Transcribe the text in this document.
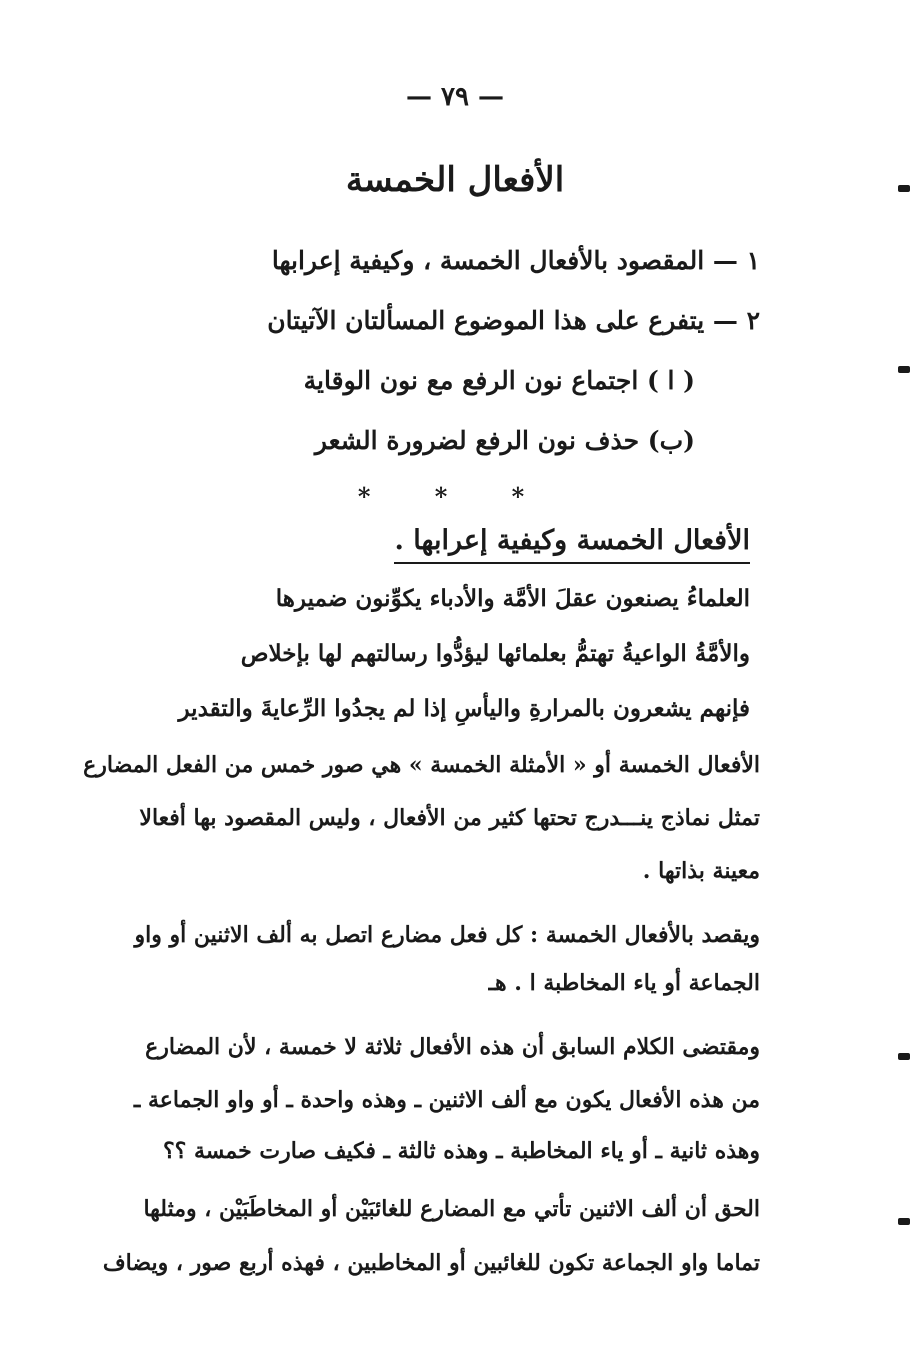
— ٧٩ —
الأفعال الخمسة
١ — المقصود بالأفعال الخمسة ، وكيفية إعرابها
٢ — يتفرع على هذا الموضوع المسألتان الآتيتان
( ا ) اجتماع نون الرفع مع نون الوقاية
(ب) حذف نون الرفع لضرورة الشعر
* * *
الأفعال الخمسة وكيفية إعرابها .
العلماءُ يصنعون عقلَ الأمَّة والأدباء يكوِّنون ضميرها
والأمَّةُ الواعيةُ تهتمُّ بعلمائها ليؤدُّوا رسالتهم لها بإخلاص
فإنهم يشعرون بالمرارةِ واليأسِ إذا لم يجدُوا الرِّعايةَ والتقدير
الأفعال الخمسة أو « الأمثلة الخمسة » هي صور خمس من الفعل المضارع
تمثل نماذج ينـــدرج تحتها كثير من الأفعال ، وليس المقصود بها أفعالا
معينة بذاتها .
ويقصد بالأفعال الخمسة : كل فعل مضارع اتصل به ألف الاثنين أو واو
الجماعة أو ياء المخاطبة ا . هـ
ومقتضى الكلام السابق أن هذه الأفعال ثلاثة لا خمسة ، لأن المضارع
من هذه الأفعال يكون مع ألف الاثنين ـ وهذه واحدة ـ أو واو الجماعة ـ
وهذه ثانية ـ أو ياء المخاطبة ـ وهذه ثالثة ـ فكيف صارت خمسة ؟؟
الحق أن ألف الاثنين تأتي مع المضارع للغائبَيْن أو المخاطَبَيْن ، ومثلها
تماما واو الجماعة تكون للغائبين أو المخاطبين ، فهذه أربع صور ، ويضاف
